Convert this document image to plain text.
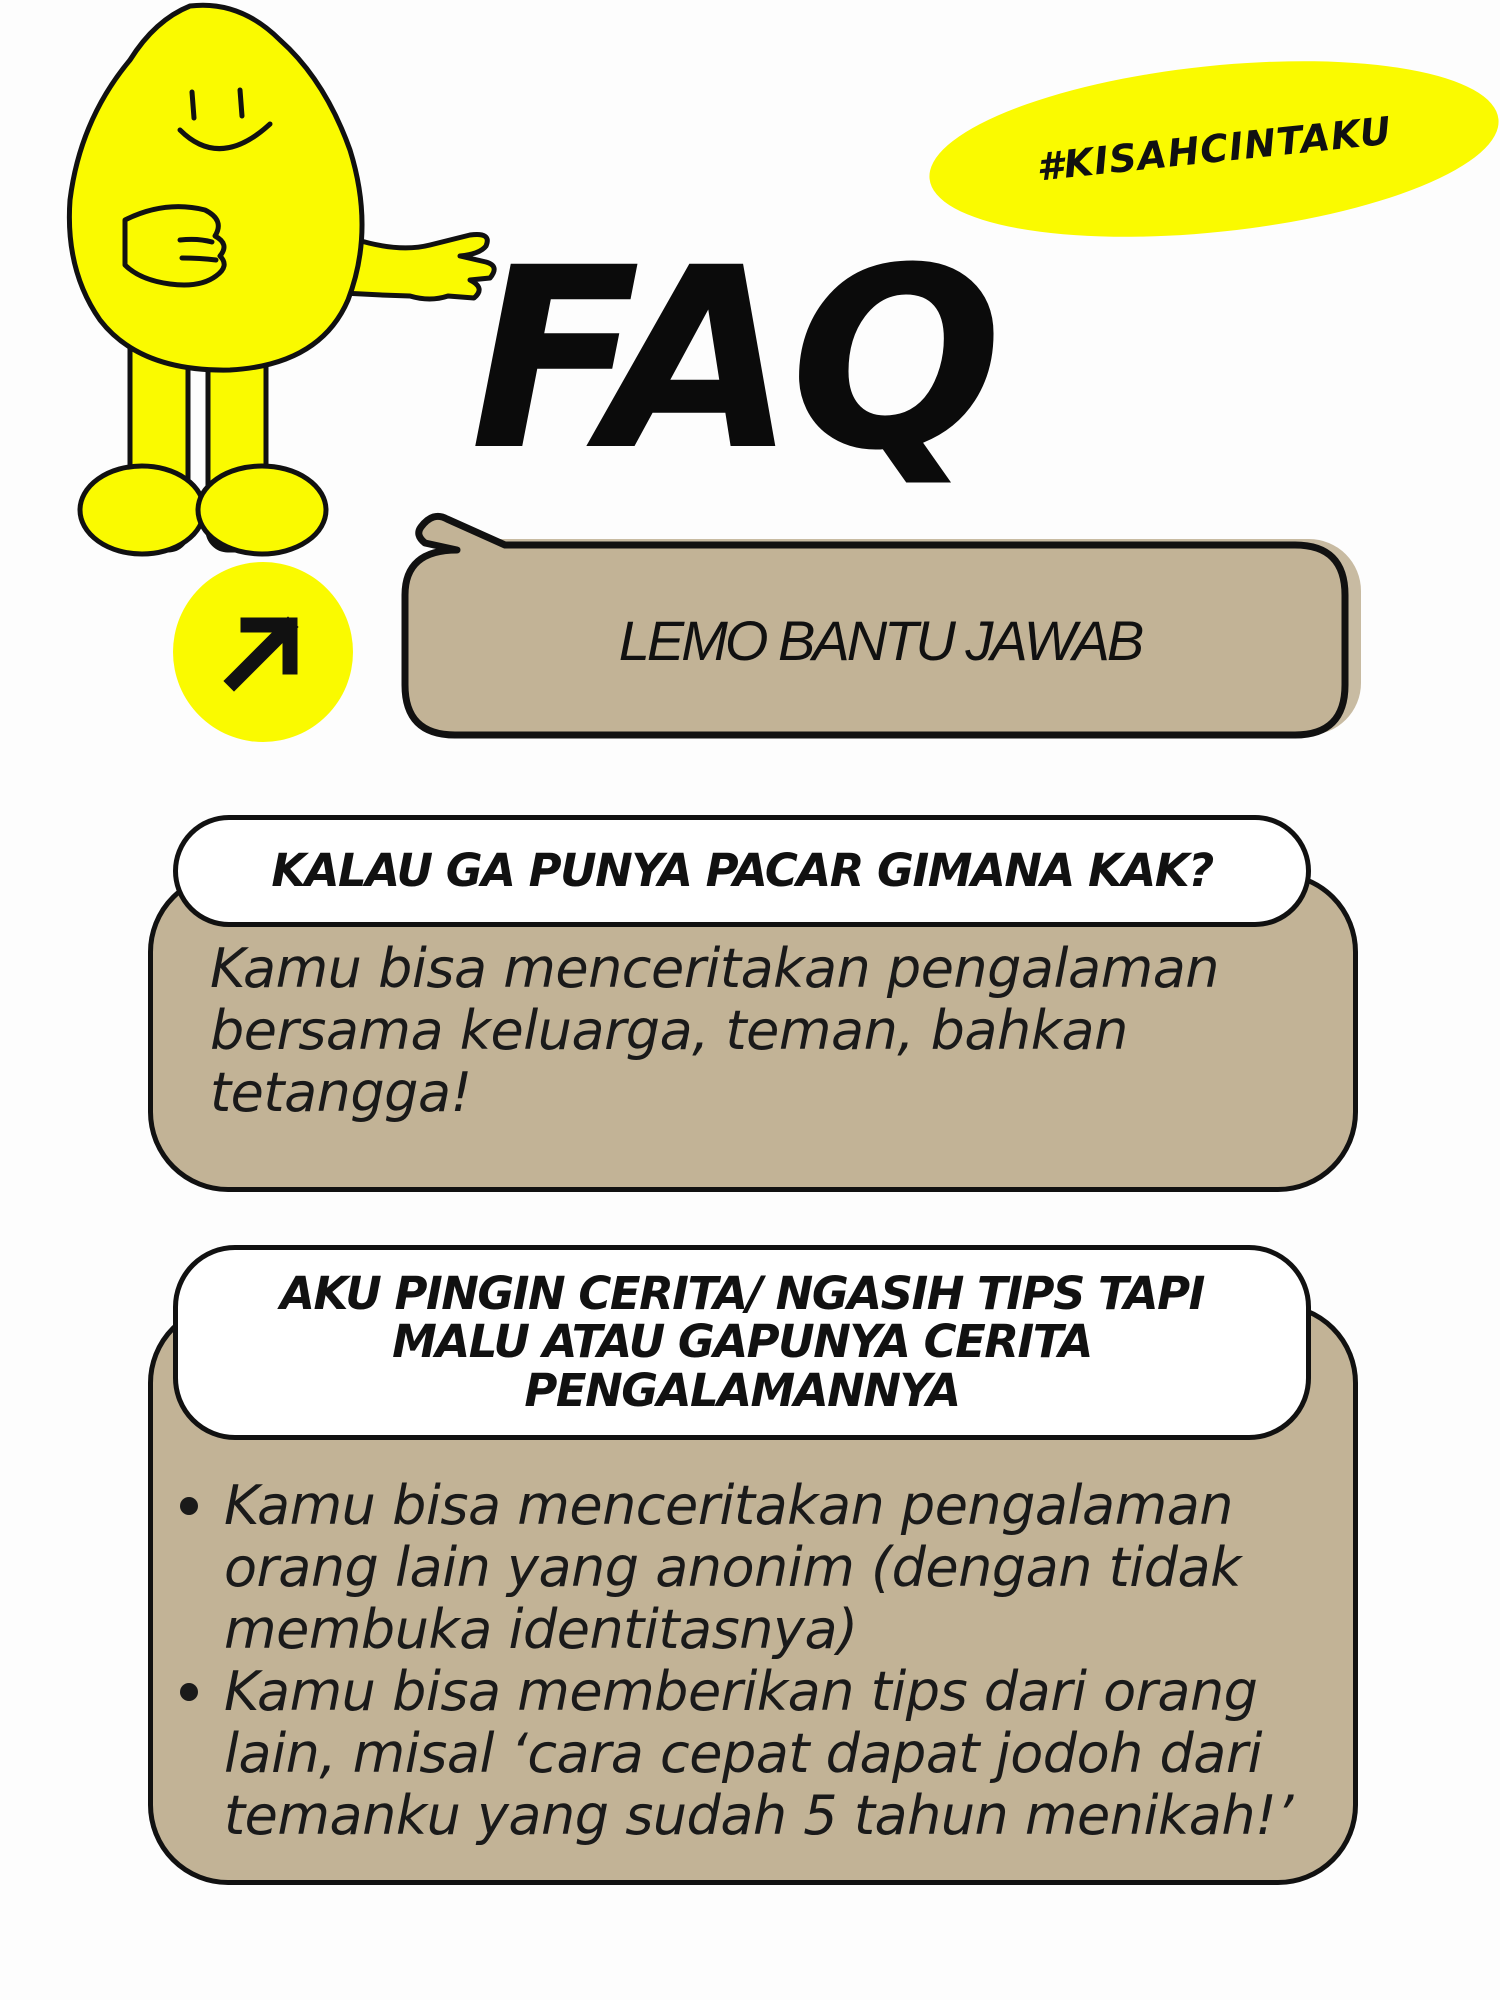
#KISAHCINTAKU
FAQ
LEMO BANTU JAWAB
KALAU GA PUNYA PACAR GIMANA KAK?

Kamu bisa menceritakan pengalaman bersama keluarga, teman, bahkan tetangga!

AKU PINGIN CERITA/ NGASIH TIPS TAPI MALU ATAU GAPUNYA CERITA PENGALAMANNYA
Kamu bisa menceritakan pengalaman orang lain yang anonim (dengan tidak membuka identitasnya)
Kamu bisa memberikan tips dari orang lain, misal ‘cara cepat dapat jodoh dari temanku yang sudah 5 tahun menikah!’
